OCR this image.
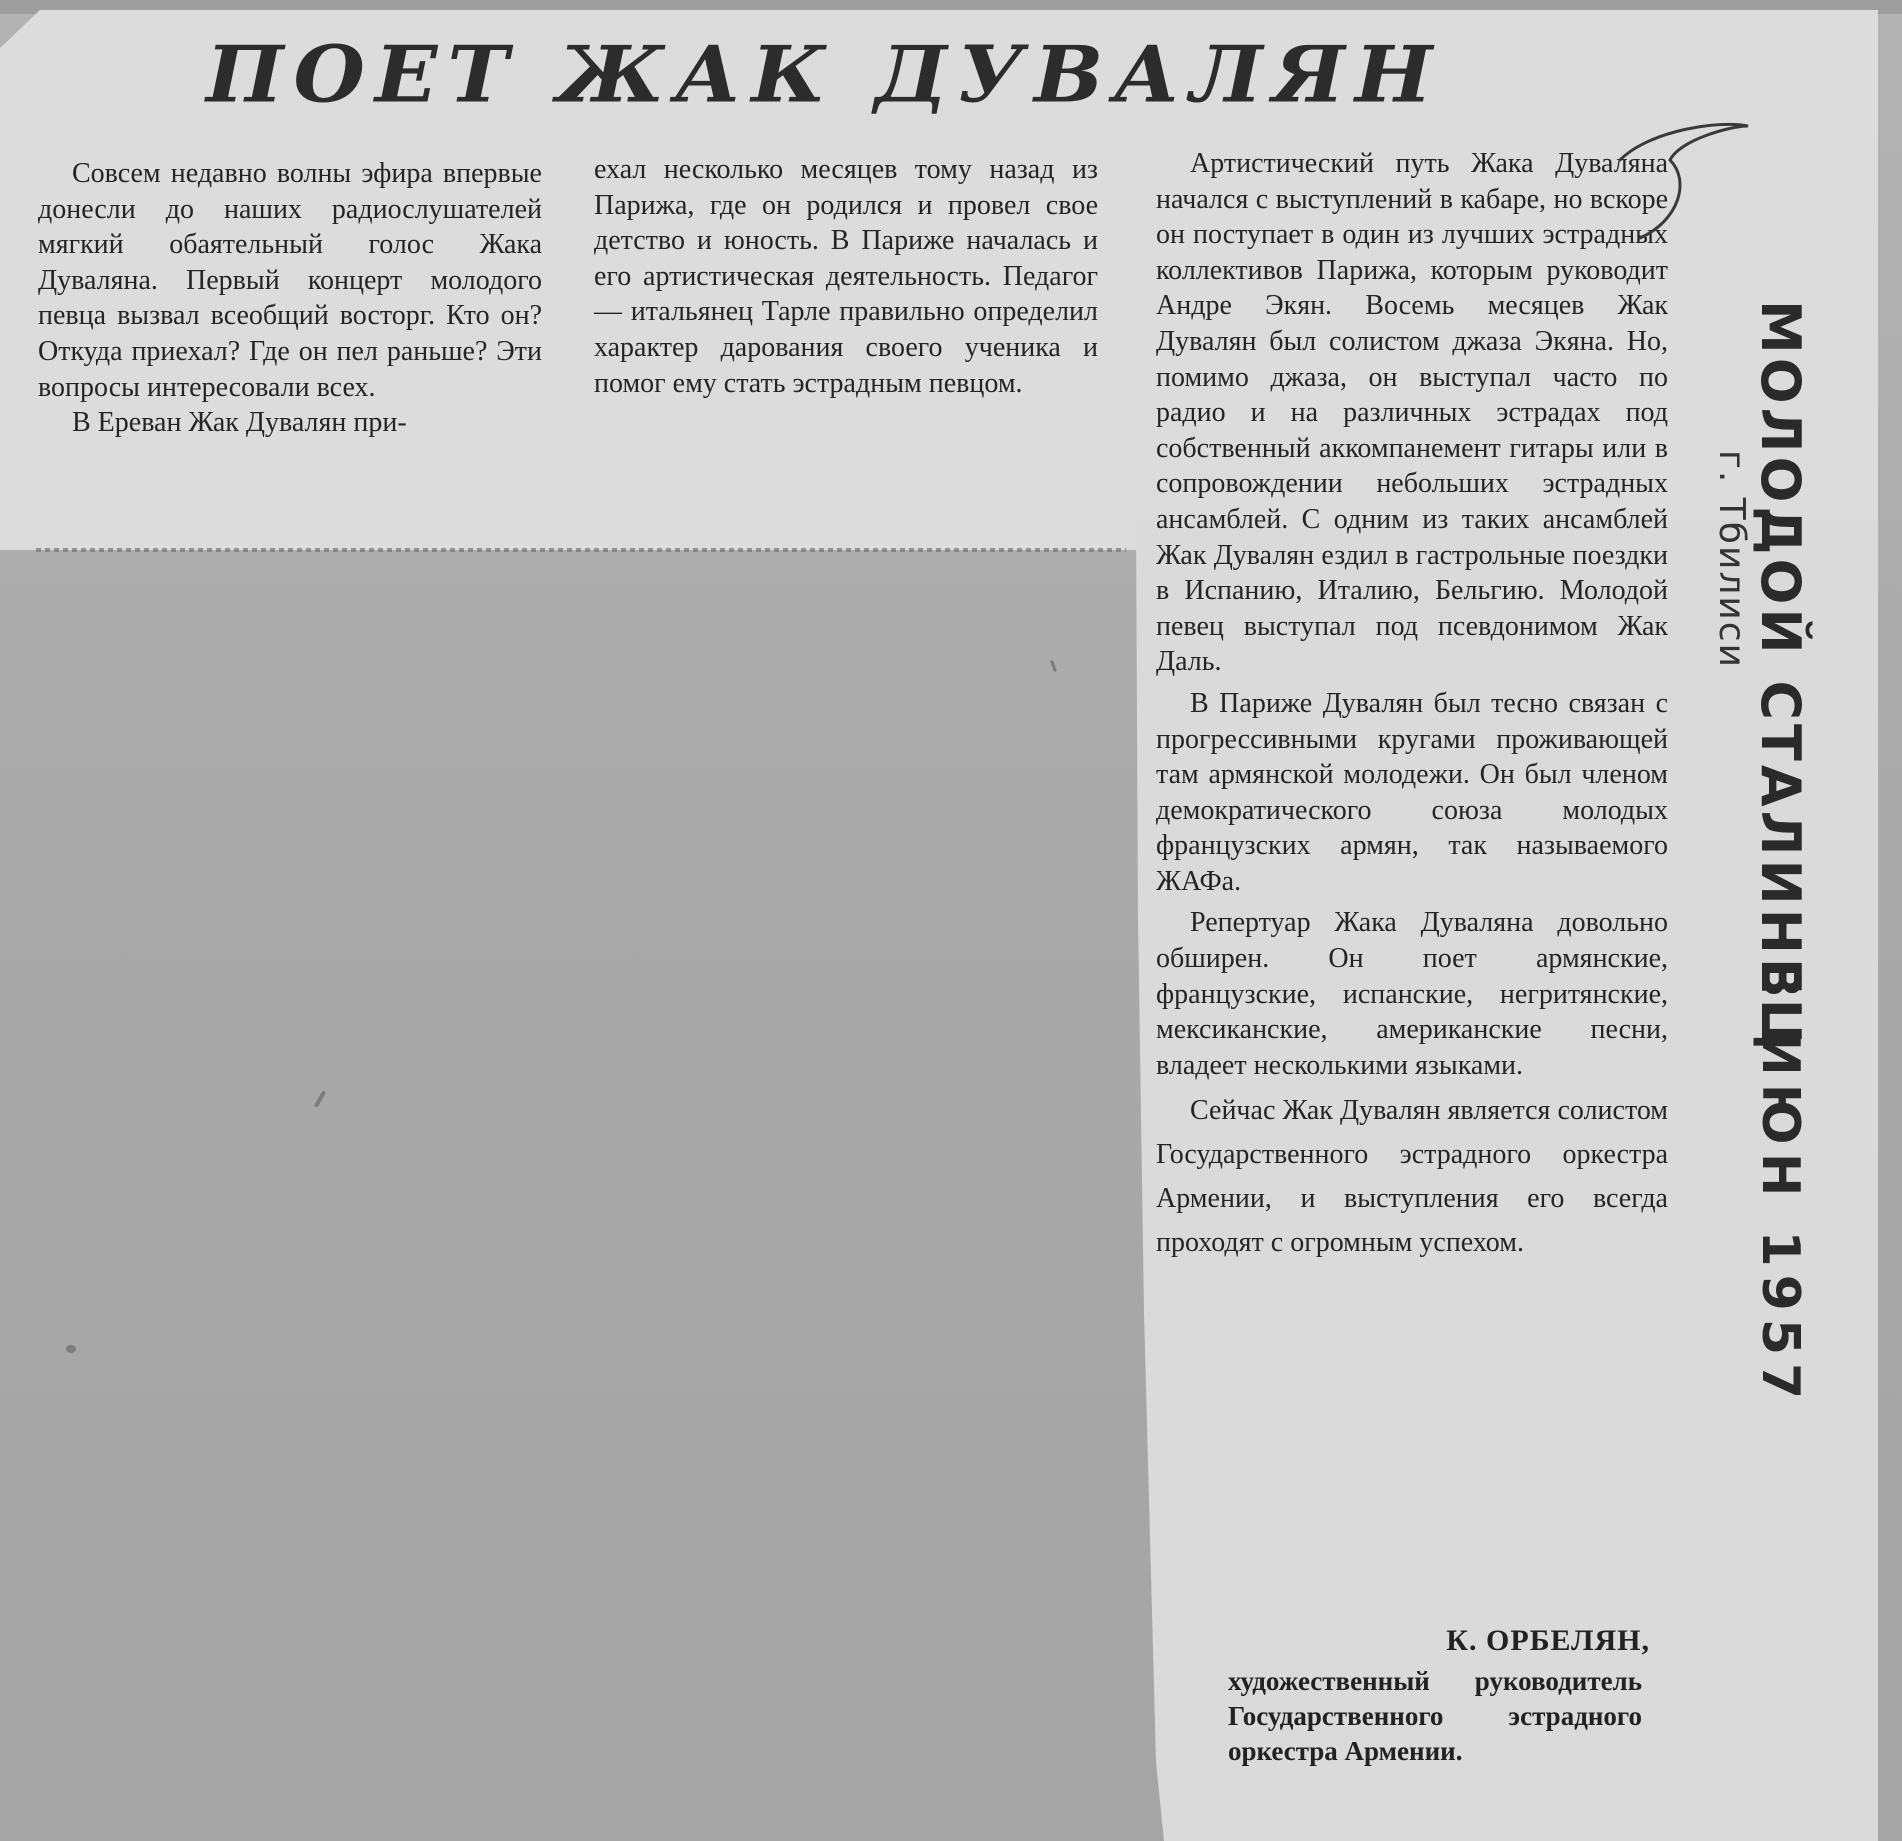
ПОЕТ ЖАК ДУВАЛЯН

Совсем недавно волны эфира впервые донесли до наших радиослушателей мягкий обаятельный голос Жака Дуваляна. Первый концерт молодого певца вызвал всеобщий восторг. Кто он? Откуда приехал? Где он пел раньше? Эти вопросы интересовали всех.

В Ереван Жак Дувалян при-

ехал несколько месяцев тому назад из Парижа, где он родился и провел свое детство и юность. В Париже началась и его артистическая деятельность. Педагог — итальянец Тарле правильно определил характер дарования своего ученика и помог ему стать эстрадным певцом.

Артистический путь Жака Дуваляна начался с выступлений в кабаре, но вскоре он поступает в один из лучших эстрадных коллективов Парижа, которым руководит Андре Экян. Восемь месяцев Жак Дувалян был солистом джаза Экяна. Но, помимо джаза, он выступал часто по радио и на различных эстрадах под собственный аккомпанемент гитары или в сопровождении небольших эстрадных ансамблей. С одним из таких ансамблей Жак Дувалян ездил в гастрольные поездки в Испанию, Италию, Бельгию. Молодой певец выступал под псевдонимом Жак Даль.

В Париже Дувалян был тесно связан с прогрессивными кругами проживающей там армянской молодежи. Он был членом демократического союза молодых французских армян, так называемого ЖАФа.

Репертуар Жака Дуваляна довольно обширен. Он поет армянские, французские, испанские, негритянские, мексиканские, американские песни, владеет несколькими языками.

Сейчас Жак Дувалян является солистом Государственного эстрадного оркестра Армении, и выступления его всегда проходят с огромным успехом.

К. ОРБЕЛЯН,

художественный руководитель Государственного эстрадного оркестра Армении.

МОЛОДОЙ СТАЛИНЕЦ
г. Тбилиси
3 ИЮН 1957
